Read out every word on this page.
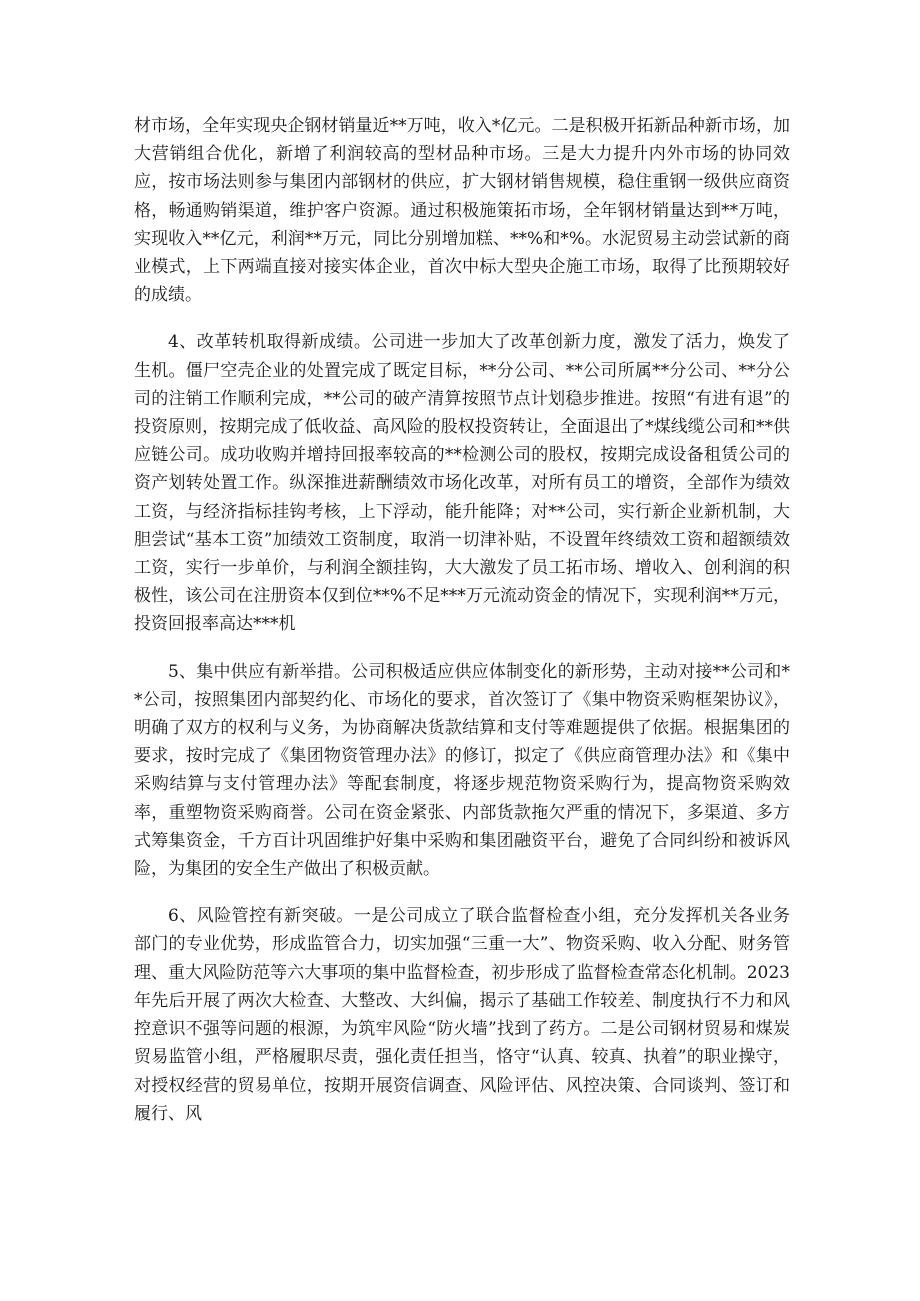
材市场，全年实现央企钢材销量近**万吨，收入*亿元。二是积极开拓新品种新市场，加大营销组合优化，新增了利润较高的型材品种市场。三是大力提升内外市场的协同效应，按市场法则参与集团内部钢材的供应，扩大钢材销售规模，稳住重钢一级供应商资格，畅通购销渠道，维护客户资源。通过积极施策拓市场，全年钢材销量达到**万吨，实现收入**亿元，利润**万元，同比分别增加糕、**%和*%。水泥贸易主动尝试新的商业模式，上下两端直接对接实体企业，首次中标大型央企施工市场，取得了比预期较好的成绩。

4、改革转机取得新成绩。公司进一步加大了改革创新力度，激发了活力，焕发了生机。僵尸空壳企业的处置完成了既定目标，**分公司、**公司所属**分公司、**分公司的注销工作顺利完成，**公司的破产清算按照节点计划稳步推进。按照“有进有退”的投资原则，按期完成了低收益、高风险的股权投资转让，全面退出了*煤线缆公司和**供应链公司。成功收购并增持回报率较高的**检测公司的股权，按期完成设备租赁公司的资产划转处置工作。纵深推进薪酬绩效市场化改革，对所有员工的增资，全部作为绩效工资，与经济指标挂钩考核，上下浮动，能升能降；对**公司，实行新企业新机制，大胆尝试“基本工资”加绩效工资制度，取消一切津补贴，不设置年终绩效工资和超额绩效工资，实行一步单价，与利润全额挂钩，大大激发了员工拓市场、增收入、创利润的积极性，该公司在注册资本仅到位**%不足***万元流动资金的情况下，实现利润**万元，投资回报率高达***机

5、集中供应有新举措。公司积极适应供应体制变化的新形势，主动对接**公司和**公司，按照集团内部契约化、市场化的要求，首次签订了《集中物资采购框架协议》，明确了双方的权利与义务，为协商解决货款结算和支付等难题提供了依据。根据集团的要求，按时完成了《集团物资管理办法》的修订，拟定了《供应商管理办法》和《集中采购结算与支付管理办法》等配套制度，将逐步规范物资采购行为，提高物资采购效率，重塑物资采购商誉。公司在资金紧张、内部货款拖欠严重的情况下，多渠道、多方式筹集资金，千方百计巩固维护好集中采购和集团融资平台，避免了合同纠纷和被诉风险，为集团的安全生产做出了积极贡献。

6、风险管控有新突破。一是公司成立了联合监督检查小组，充分发挥机关各业务部门的专业优势，形成监管合力，切实加强“三重一大”、物资采购、收入分配、财务管理、重大风险防范等六大事项的集中监督检查，初步形成了监督检查常态化机制。2023年先后开展了两次大检查、大整改、大纠偏，揭示了基础工作较差、制度执行不力和风控意识不强等问题的根源，为筑牢风险“防火墙”找到了药方。二是公司钢材贸易和煤炭贸易监管小组，严格履职尽责，强化责任担当，恪守“认真、较真、执着”的职业操守，对授权经营的贸易单位，按期开展资信调查、风险评估、风控决策、合同谈判、签订和履行、风
